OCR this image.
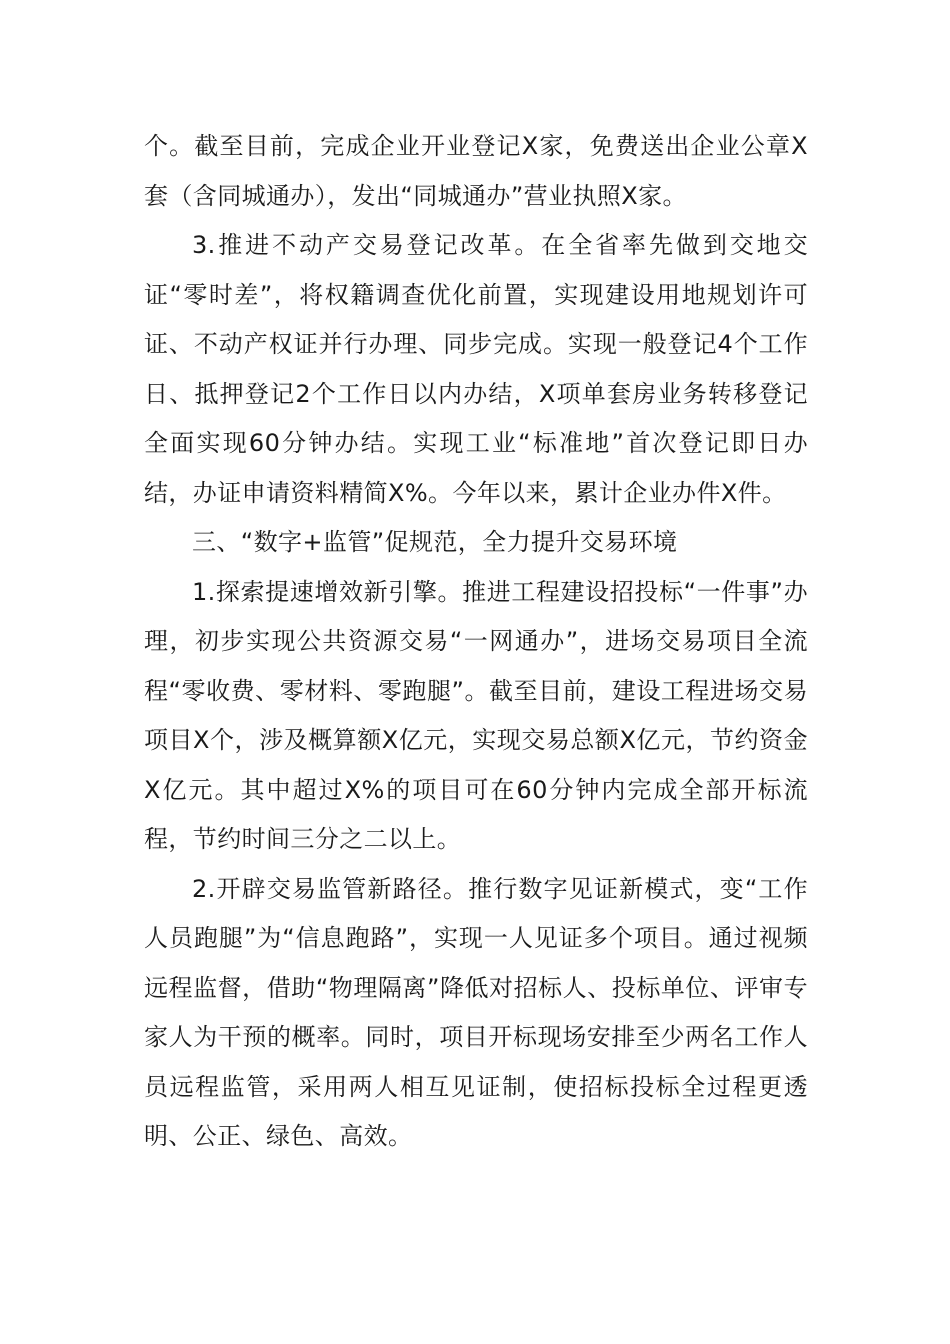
个。截至目前，完成企业开业登记X家，免费送出企业公章X套（含同城通办），发出“同城通办”营业执照X家。

3.推进不动产交易登记改革。在全省率先做到交地交证“零时差”，将权籍调查优化前置，实现建设用地规划许可证、不动产权证并行办理、同步完成。实现一般登记4个工作日、抵押登记2个工作日以内办结，X项单套房业务转移登记全面实现60分钟办结。实现工业“标准地”首次登记即日办结，办证申请资料精简X%。今年以来，累计企业办件X件。

三、“数字+监管”促规范，全力提升交易环境

1.探索提速增效新引擎。推进工程建设招投标“一件事”办理，初步实现公共资源交易“一网通办”，进场交易项目全流程“零收费、零材料、零跑腿”。截至目前，建设工程进场交易项目X个，涉及概算额X亿元，实现交易总额X亿元，节约资金X亿元。其中超过X%的项目可在60分钟内完成全部开标流程，节约时间三分之二以上。

2.开辟交易监管新路径。推行数字见证新模式，变“工作人员跑腿”为“信息跑路”，实现一人见证多个项目。通过视频远程监督，借助“物理隔离”降低对招标人、投标单位、评审专家人为干预的概率。同时，项目开标现场安排至少两名工作人员远程监管，采用两人相互见证制，使招标投标全过程更透明、公正、绿色、高效。
